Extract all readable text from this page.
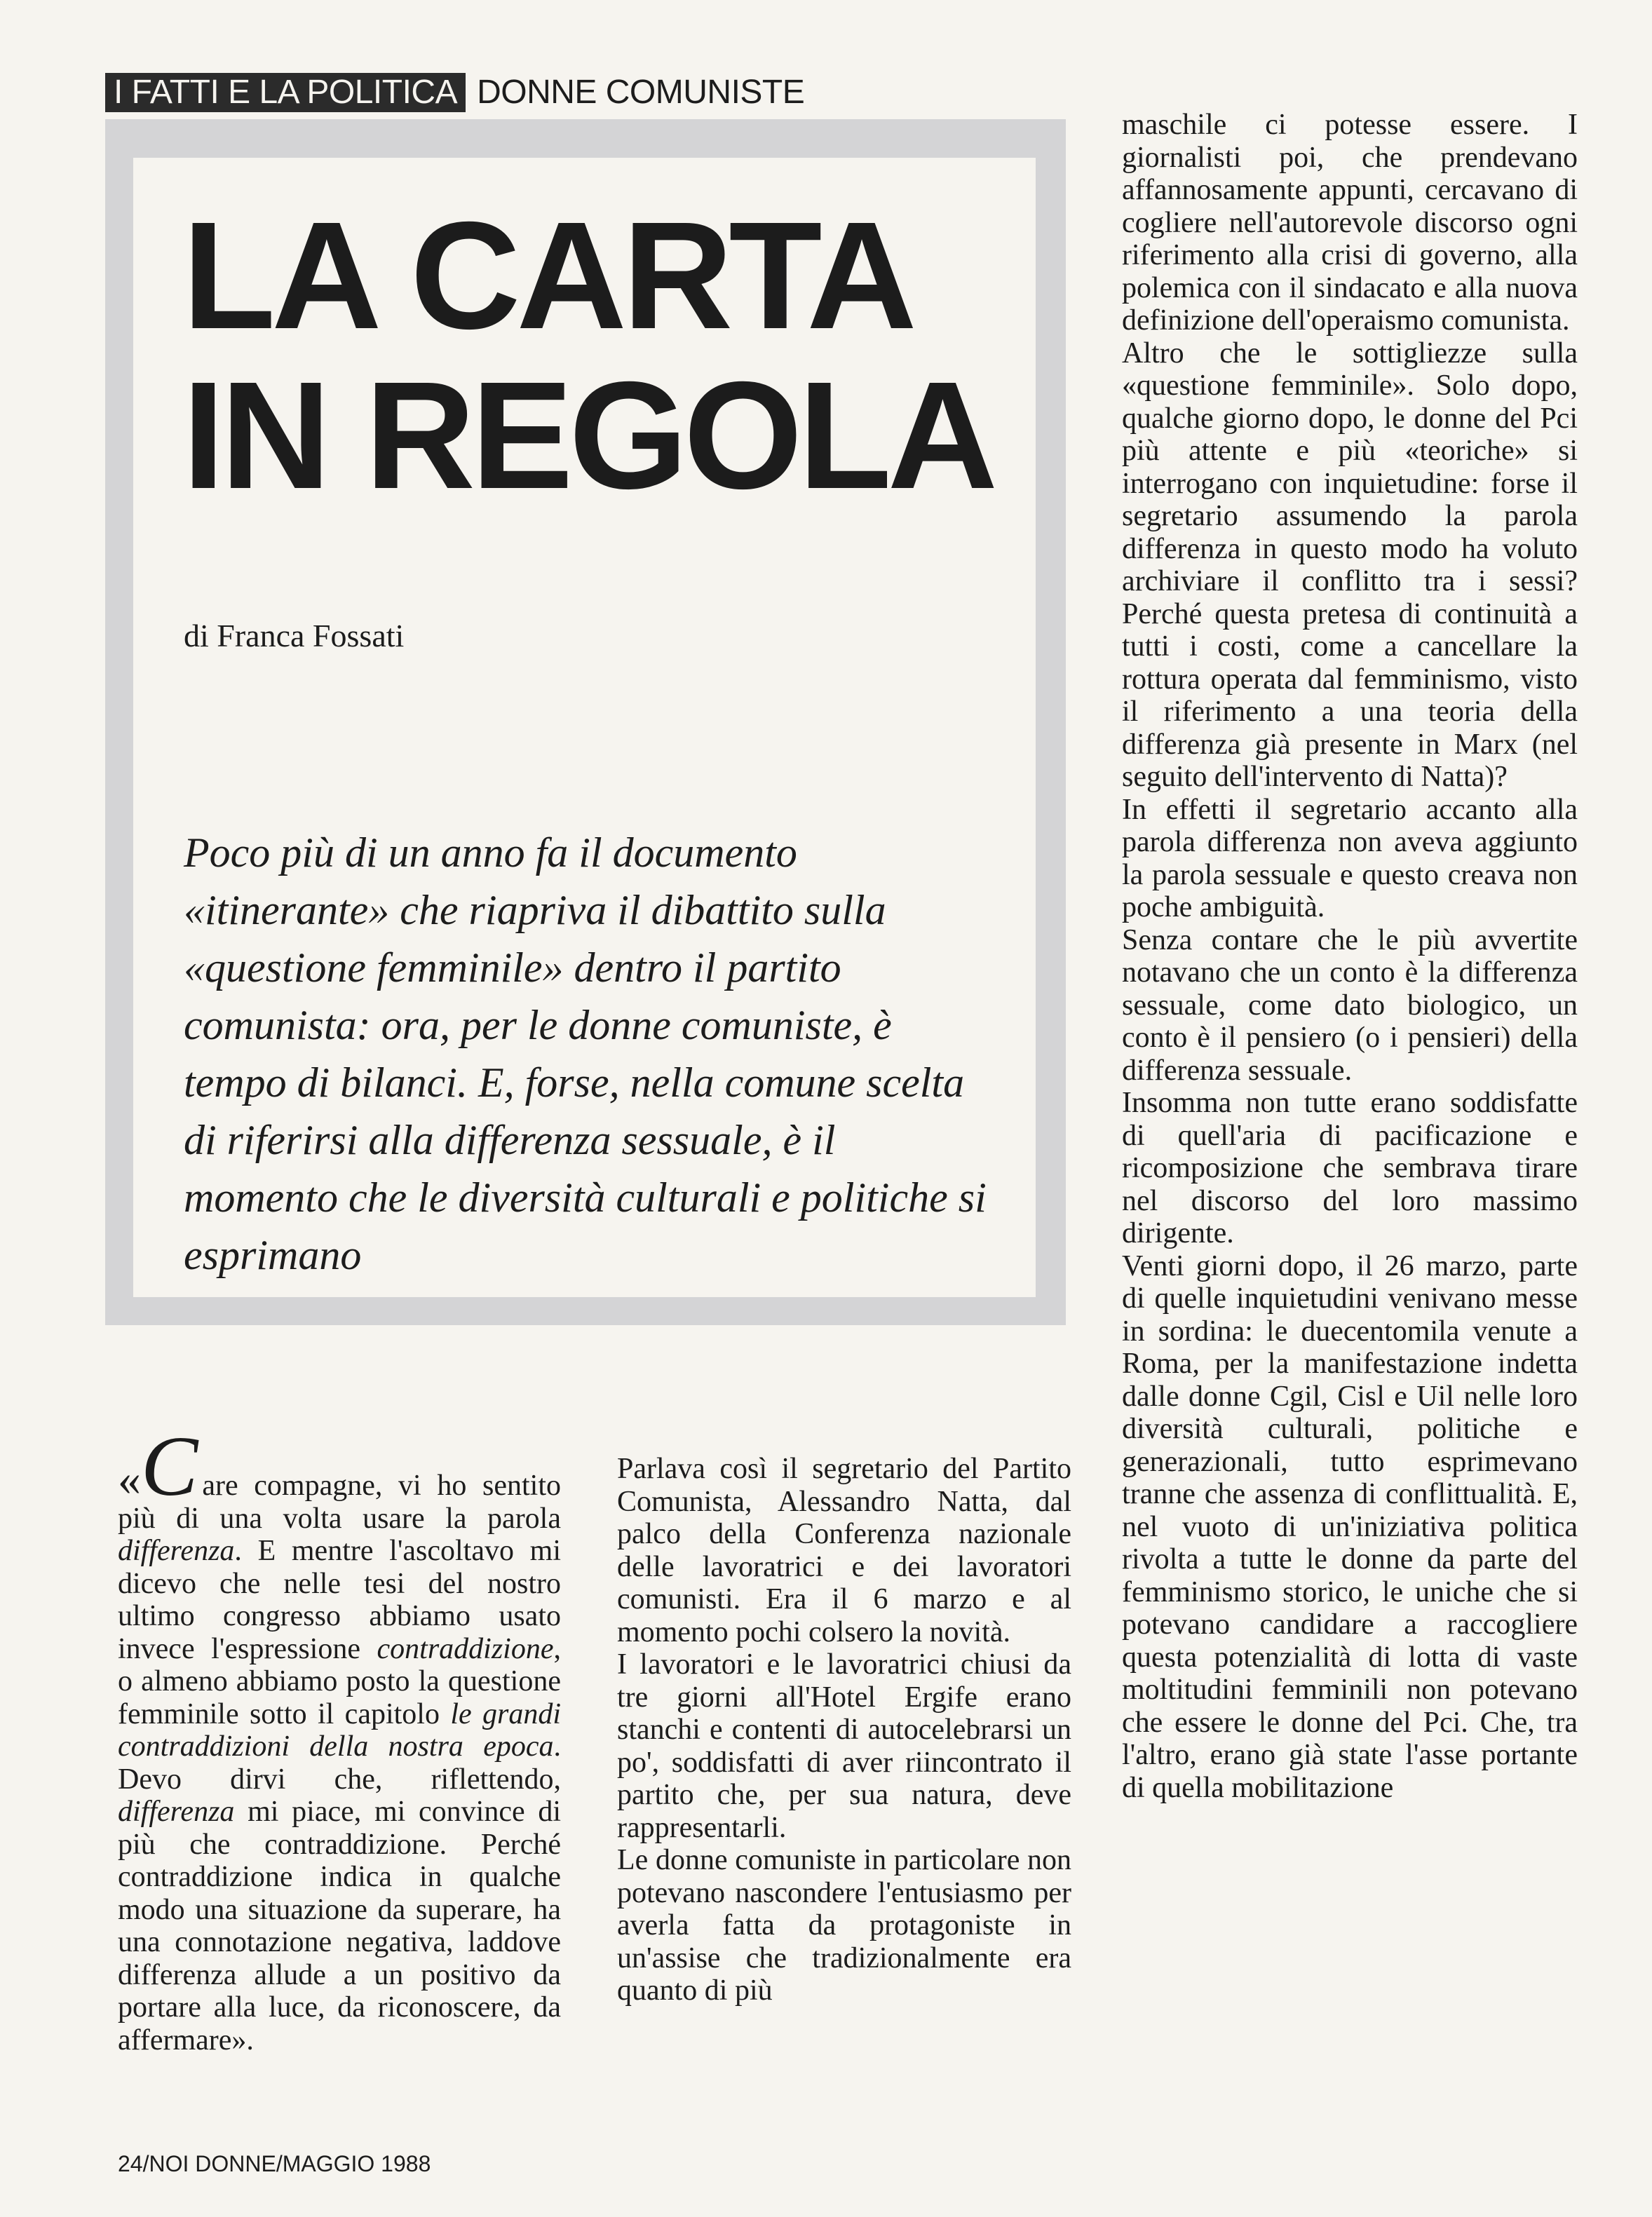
I FATTI E LA POLITICA DONNE COMUNISTE
LA CARTA
IN REGOLA
di Franca Fossati

Poco più di un anno fa il documento «itinerante» che riapriva il dibattito sulla «questione femminile» dentro il partito comunista: ora, per le donne comuniste, è tempo di bilanci. E, forse, nella comune scelta di riferirsi alla differenza sessuale, è il momento che le diversità culturali e politiche si esprimano

«C are compagne, vi ho sentito più di una volta usare la parola differenza. E mentre l'ascoltavo mi dicevo che nelle tesi del nostro ultimo congresso abbiamo usato invece l'espressione contraddizione, o almeno abbiamo posto la questione femminile sotto il capitolo le grandi contraddizioni della nostra epoca. Devo dirvi che, riflettendo, differenza mi piace, mi convince di più che contraddizione. Perché contraddizione indica in qualche modo una situazione da superare, ha una connotazione negativa, laddove differenza allude a un positivo da portare alla luce, da riconoscere, da affermare».

Parlava così il segretario del Partito Comunista, Alessandro Natta, dal palco della Conferenza nazionale delle lavoratrici e dei lavoratori comunisti. Era il 6 marzo e al momento pochi colsero la novità.

I lavoratori e le lavoratrici chiusi da tre giorni all'Hotel Ergife erano stanchi e contenti di autocelebrarsi un po', soddisfatti di aver riincontrato il partito che, per sua natura, deve rappresentarli.

Le donne comuniste in particolare non potevano nascondere l'entusiasmo per averla fatta da protagoniste in un'assise che tradizionalmente era quanto di più

maschile ci potesse essere. I giornalisti poi, che prendevano affannosamente appunti, cercavano di cogliere nell'autorevole discorso ogni riferimento alla crisi di governo, alla polemica con il sindacato e alla nuova definizione dell'operaismo comunista.

Altro che le sottigliezze sulla «questione femminile». Solo dopo, qualche giorno dopo, le donne del Pci più attente e più «teoriche» si interrogano con inquietudine: forse il segretario assumendo la parola differenza in questo modo ha voluto archiviare il conflitto tra i sessi? Perché questa pretesa di continuità a tutti i costi, come a cancellare la rottura operata dal femminismo, visto il riferimento a una teoria della differenza già presente in Marx (nel seguito dell'intervento di Natta)?

In effetti il segretario accanto alla parola differenza non aveva aggiunto la parola sessuale e questo creava non poche ambiguità.

Senza contare che le più avvertite notavano che un conto è la differenza sessuale, come dato biologico, un conto è il pensiero (o i pensieri) della differenza sessuale.

Insomma non tutte erano soddisfatte di quell'aria di pacificazione e ricomposizione che sembrava tirare nel discorso del loro massimo dirigente.

Venti giorni dopo, il 26 marzo, parte di quelle inquietudini venivano messe in sordina: le duecentomila venute a Roma, per la manifestazione indetta dalle donne Cgil, Cisl e Uil nelle loro diversità culturali, politiche e generazionali, tutto esprimevano tranne che assenza di conflittualità. E, nel vuoto di un'iniziativa politica rivolta a tutte le donne da parte del femminismo storico, le uniche che si potevano candidare a raccogliere questa potenzialità di lotta di vaste moltitudini femminili non potevano che essere le donne del Pci. Che, tra l'altro, erano già state l'asse portante di quella mobilitazione

24/NOI DONNE/MAGGIO 1988
